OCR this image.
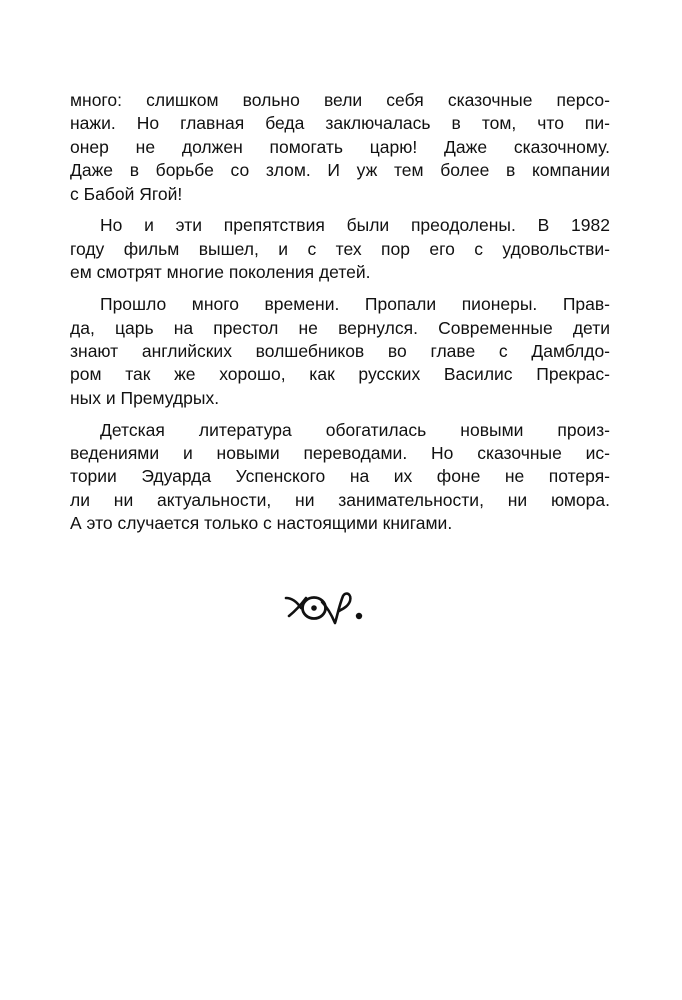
много: слишком вольно вели себя сказочные персо-
нажи. Но главная беда заключалась в том, что пи-
онер не должен помогать царю! Даже сказочному.
Даже в борьбе со злом. И уж тем более в компании
с Бабой Ягой!
Но и эти препятствия были преодолены. В 1982
году фильм вышел, и с тех пор его с удовольстви-
ем смотрят многие поколения детей.
Прошло много времени. Пропали пионеры. Прав-
да, царь на престол не вернулся. Современные дети
знают английских волшебников во главе с Дамблдо-
ром так же хорошо, как русских Василис Прекрас-
ных и Премудрых.
Детская литература обогатилась новыми произ-
ведениями и новыми переводами. Но сказочные ис-
тории Эдуарда Успенского на их фоне не потеря-
ли ни актуальности, ни занимательности, ни юмора.
А это случается только с настоящими книгами.
